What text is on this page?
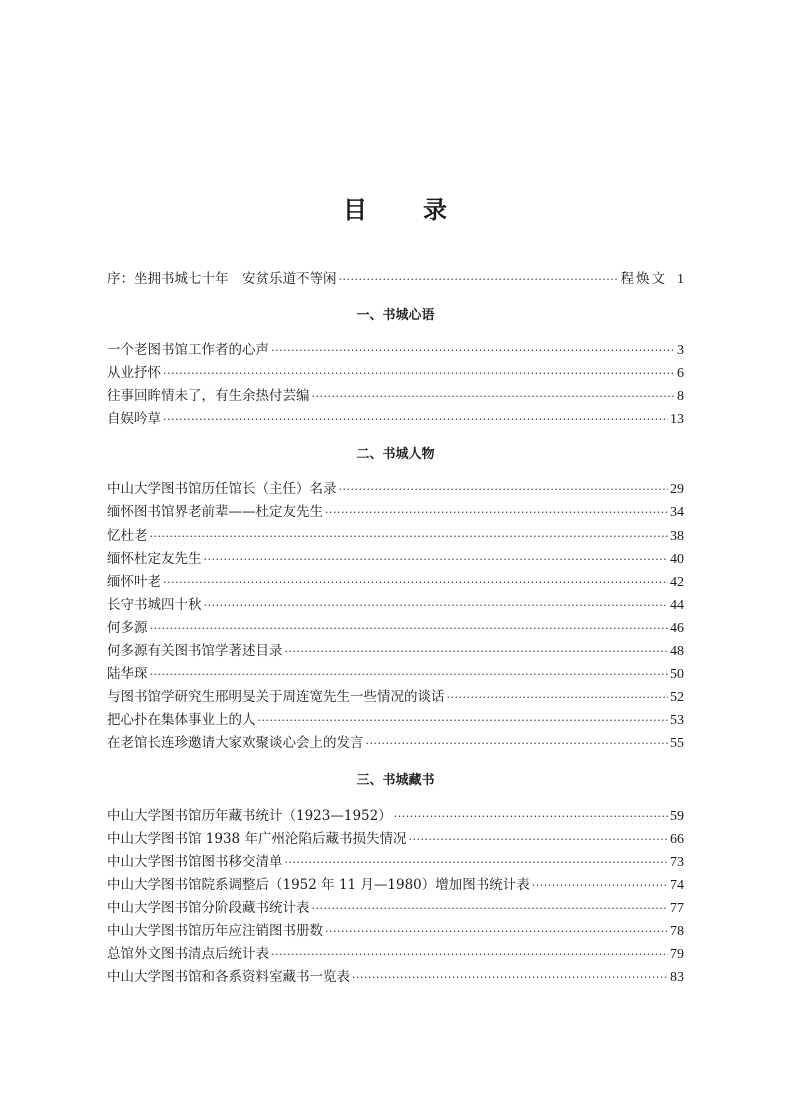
目 录
序：坐拥书城七十年　安贫乐道不等闲 ·····	程焕文 1
一、书城心语
一个老图书馆工作者的心声 ·····	3
从业抒怀 ·····	6
往事回眸情未了，有生余热付芸编 ·····	8
自娱吟草 ·····	13
二、书城人物
中山大学图书馆历任馆长（主任）名录 ·····	29
缅怀图书馆界老前辈——杜定友先生 ·····	34
忆杜老 ·····	38
缅怀杜定友先生 ·····	40
缅怀叶老 ·····	42
长守书城四十秋 ·····	44
何多源 ·····	46
何多源有关图书馆学著述目录 ·····	48
陆华琛 ·····	50
与图书馆学研究生邢明旻关于周连宽先生一些情况的谈话 ·····	52
把心扑在集体事业上的人 ·····	53
在老馆长连珍邀请大家欢聚谈心会上的发言 ·····	55
三、书城藏书
中山大学图书馆历年藏书统计（1923—1952） ·····	59
中山大学图书馆 1938 年广州沦陷后藏书损失情况 ·····	66
中山大学图书馆图书移交清单 ·····	73
中山大学图书馆院系调整后（1952 年 11 月—1980）增加图书统计表 ·····	74
中山大学图书馆分阶段藏书统计表 ·····	77
中山大学图书馆历年应注销图书册数 ·····	78
总馆外文图书清点后统计表 ·····	79
中山大学图书馆和各系资料室藏书一览表 ·····	83
